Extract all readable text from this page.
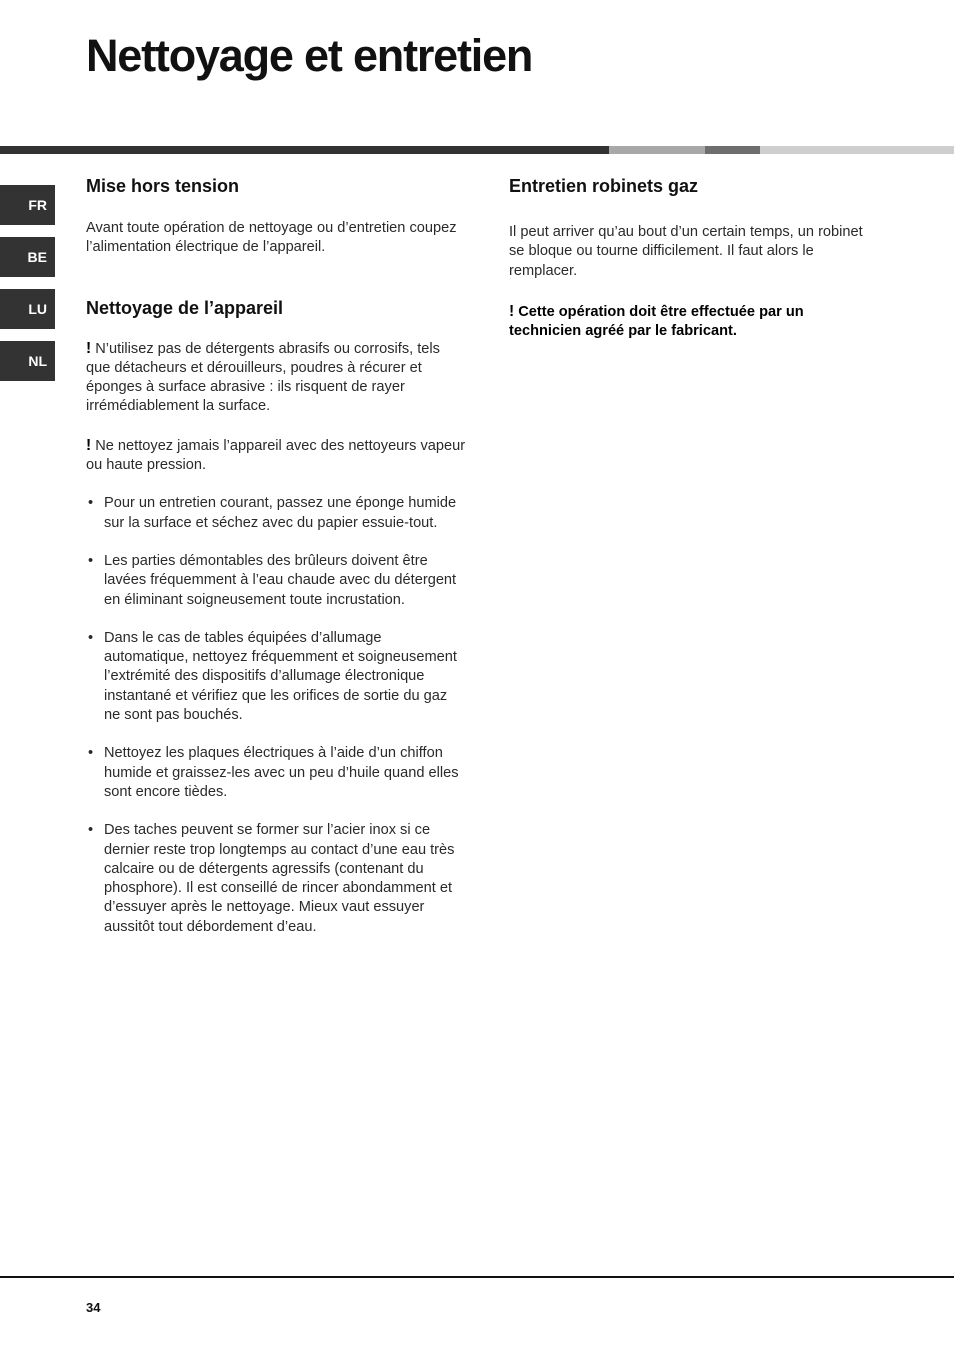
Nettoyage et entretien
FR
BE
LU
NL
Mise hors tension

Avant toute opération de nettoyage ou d’entretien coupez l’alimentation électrique de l’appareil.

Nettoyage de l’appareil

! N’utilisez pas de détergents abrasifs ou corrosifs, tels que détacheurs et dérouilleurs, poudres à récurer et éponges à surface abrasive : ils risquent de rayer irrémédiablement la surface.

! Ne nettoyez jamais l’appareil avec des nettoyeurs vapeur ou haute pression.

• Pour un entretien courant, passez une éponge humide sur la surface et séchez avec du papier essuie-tout.
• Les parties démontables des brûleurs doivent être lavées fréquemment à l’eau chaude avec du détergent en éliminant soigneusement toute incrustation.
• Dans le cas de tables équipées d’allumage automatique, nettoyez fréquemment et soigneusement l’extrémité des dispositifs d’allumage électronique instantané et vérifiez que les orifices de sortie du gaz ne sont pas bouchés.
• Nettoyez les plaques électriques à l’aide d’un chiffon humide et graissez-les avec un peu d’huile quand elles sont encore tièdes.
• Des taches peuvent se former sur l’acier inox si ce dernier reste trop longtemps au contact d’une eau très calcaire ou de détergents agressifs (contenant du phosphore). Il est conseillé de rincer abondamment et d’essuyer après le nettoyage. Mieux vaut essuyer aussitôt tout débordement d’eau.
Entretien robinets gaz

Il peut arriver qu’au bout d’un certain temps, un robinet se bloque ou tourne difficilement. Il faut alors le remplacer.

! Cette opération doit être effectuée par un technicien agréé par le fabricant.

34
